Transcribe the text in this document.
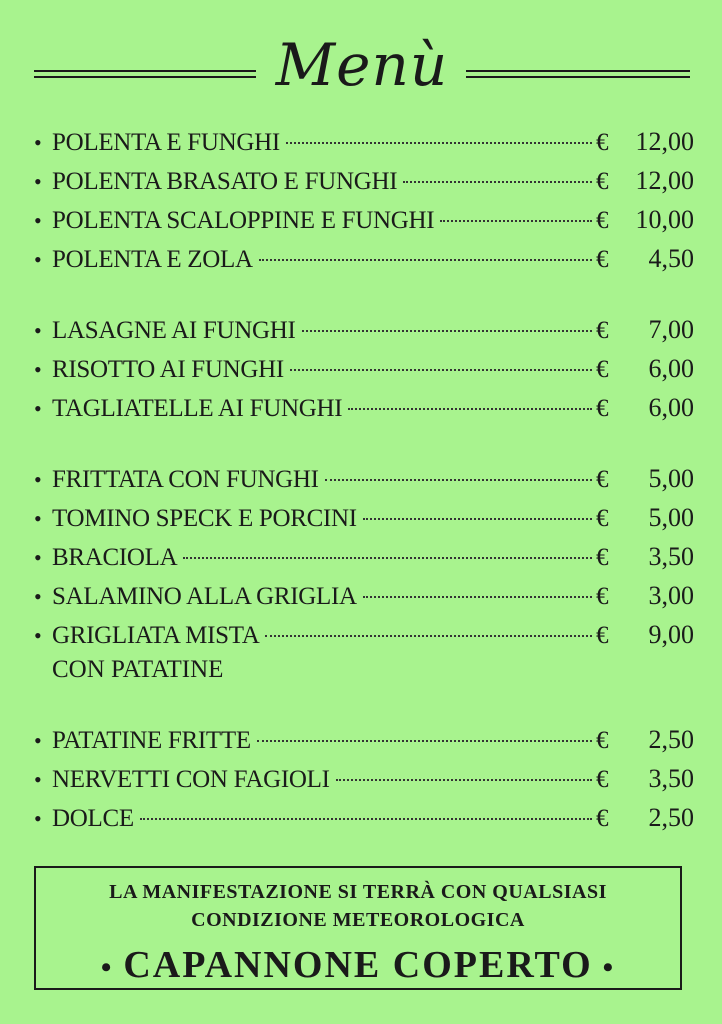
Menù
• POLENTA E FUNGHI	€	12,00
• POLENTA BRASATO E FUNGHI	€	12,00
• POLENTA SCALOPPINE E FUNGHI	€	10,00
• POLENTA E ZOLA	€	4,50
• LASAGNE AI FUNGHI	€	7,00
• RISOTTO AI FUNGHI	€	6,00
• TAGLIATELLE AI FUNGHI	€	6,00
• FRITTATA CON FUNGHI	€	5,00
• TOMINO SPECK E PORCINI	€	5,00
• BRACIOLA	€	3,50
• SALAMINO ALLA GRIGLIA	€	3,00
• GRIGLIATA MISTA	€	9,00
CON PATATINE
• PATATINE FRITTE	€	2,50
• NERVETTI CON FAGIOLI	€	3,50
• DOLCE	€	2,50
LA MANIFESTAZIONE SI TERRÀ CON QUALSIASI
CONDIZIONE METEOROLOGICA
• CAPANNONE COPERTO •
